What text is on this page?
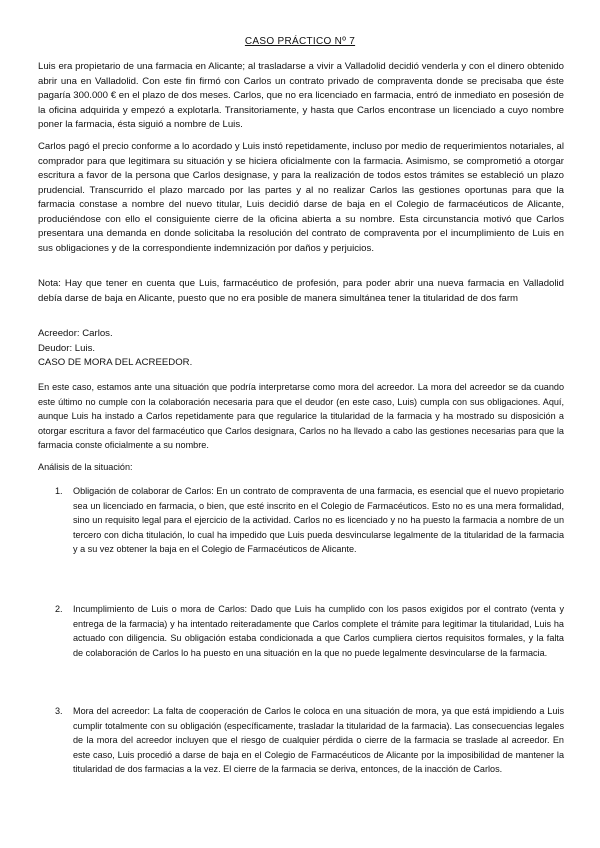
CASO PRÁCTICO Nº 7

Luis era propietario de una farmacia en Alicante; al trasladarse a vivir a Valladolid decidió venderla y con el dinero obtenido abrir una en Valladolid. Con este fin firmó con Carlos un contrato privado de compraventa donde se precisaba que éste pagaría 300.000 € en el plazo de dos meses. Carlos, que no era licenciado en farmacia, entró de inmediato en posesión de la oficina adquirida y empezó a explotarla. Transitoriamente, y hasta que Carlos encontrase un licenciado a cuyo nombre poner la farmacia, ésta siguió a nombre de Luis.

Carlos pagó el precio conforme a lo acordado y Luis instó repetidamente, incluso por medio de requerimientos notariales, al comprador para que legitimara su situación y se hiciera oficialmente con la farmacia. Asimismo, se comprometió a otorgar escritura a favor de la persona que Carlos designase, y para la realización de todos estos trámites se estableció un plazo prudencial. Transcurrido el plazo marcado por las partes y al no realizar Carlos las gestiones oportunas para que la farmacia constase a nombre del nuevo titular, Luis decidió darse de baja en el Colegio de farmacéuticos de Alicante, produciéndose con ello el consiguiente cierre de la oficina abierta a su nombre. Esta circunstancia motivó que Carlos presentara una demanda en donde solicitaba la resolución del contrato de compraventa por el incumplimiento de Luis en sus obligaciones y de la correspondiente indemnización por daños y perjuicios.

Nota: Hay que tener en cuenta que Luis, farmacéutico de profesión, para poder abrir una nueva farmacia en Valladolid debía darse de baja en Alicante, puesto que no era posible de manera simultánea tener la titularidad de dos farm

Acreedor: Carlos.

Deudor: Luis.

CASO DE MORA DEL ACREEDOR.

En este caso, estamos ante una situación que podría interpretarse como mora del acreedor. La mora del acreedor se da cuando este último no cumple con la colaboración necesaria para que el deudor (en este caso, Luis) cumpla con sus obligaciones. Aquí, aunque Luis ha instado a Carlos repetidamente para que regularice la titularidad de la farmacia y ha mostrado su disposición a otorgar escritura a favor del farmacéutico que Carlos designara, Carlos no ha llevado a cabo las gestiones necesarias para que la farmacia conste oficialmente a su nombre.

Análisis de la situación:

1. Obligación de colaborar de Carlos: En un contrato de compraventa de una farmacia, es esencial que el nuevo propietario sea un licenciado en farmacia, o bien, que esté inscrito en el Colegio de Farmacéuticos. Esto no es una mera formalidad, sino un requisito legal para el ejercicio de la actividad. Carlos no es licenciado y no ha puesto la farmacia a nombre de un tercero con dicha titulación, lo cual ha impedido que Luis pueda desvincularse legalmente de la titularidad de la farmacia y a su vez obtener la baja en el Colegio de Farmacéuticos de Alicante.

2. Incumplimiento de Luis o mora de Carlos: Dado que Luis ha cumplido con los pasos exigidos por el contrato (venta y entrega de la farmacia) y ha intentado reiteradamente que Carlos complete el trámite para legitimar la titularidad, Luis ha actuado con diligencia. Su obligación estaba condicionada a que Carlos cumpliera ciertos requisitos formales, y la falta de colaboración de Carlos lo ha puesto en una situación en la que no puede legalmente desvincularse de la farmacia.

3. Mora del acreedor: La falta de cooperación de Carlos le coloca en una situación de mora, ya que está impidiendo a Luis cumplir totalmente con su obligación (específicamente, trasladar la titularidad de la farmacia). Las consecuencias legales de la mora del acreedor incluyen que el riesgo de cualquier pérdida o cierre de la farmacia se traslade al acreedor. En este caso, Luis procedió a darse de baja en el Colegio de Farmacéuticos de Alicante por la imposibilidad de mantener la titularidad de dos farmacias a la vez. El cierre de la farmacia se deriva, entonces, de la inacción de Carlos.
